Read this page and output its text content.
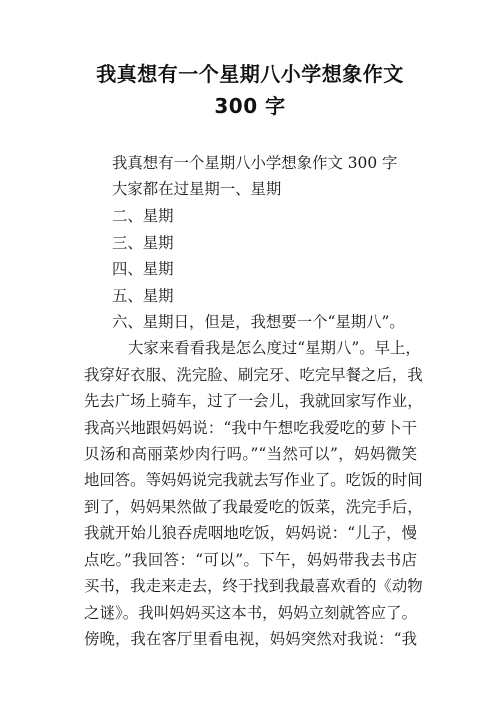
我真想有一个星期八小学想象作文
300 字
我真想有一个星期八小学想象作文 300 字
大家都在过星期一、星期
二、星期
三、星期
四、星期
五、星期
六、星期日，但是，我想要一个“星期八”。
大家来看看我是怎么度过“星期八”。早上，
我穿好衣服、洗完脸、刷完牙、吃完早餐之后，我
先去广场上骑车，过了一会儿，我就回家写作业，
我高兴地跟妈妈说：“我中午想吃我爱吃的萝卜干
贝汤和高丽菜炒肉行吗。”“当然可以”，妈妈微笑
地回答。等妈妈说完我就去写作业了。吃饭的时间
到了，妈妈果然做了我最爱吃的饭菜，洗完手后，
我就开始儿狼吞虎咽地吃饭，妈妈说：“儿子，慢
点吃。”我回答：“可以”。下午，妈妈带我去书店
买书，我走来走去，终于找到我最喜欢看的《动物
之谜》。我叫妈妈买这本书，妈妈立刻就答应了。
傍晚，我在客厅里看电视，妈妈突然对我说：“我
